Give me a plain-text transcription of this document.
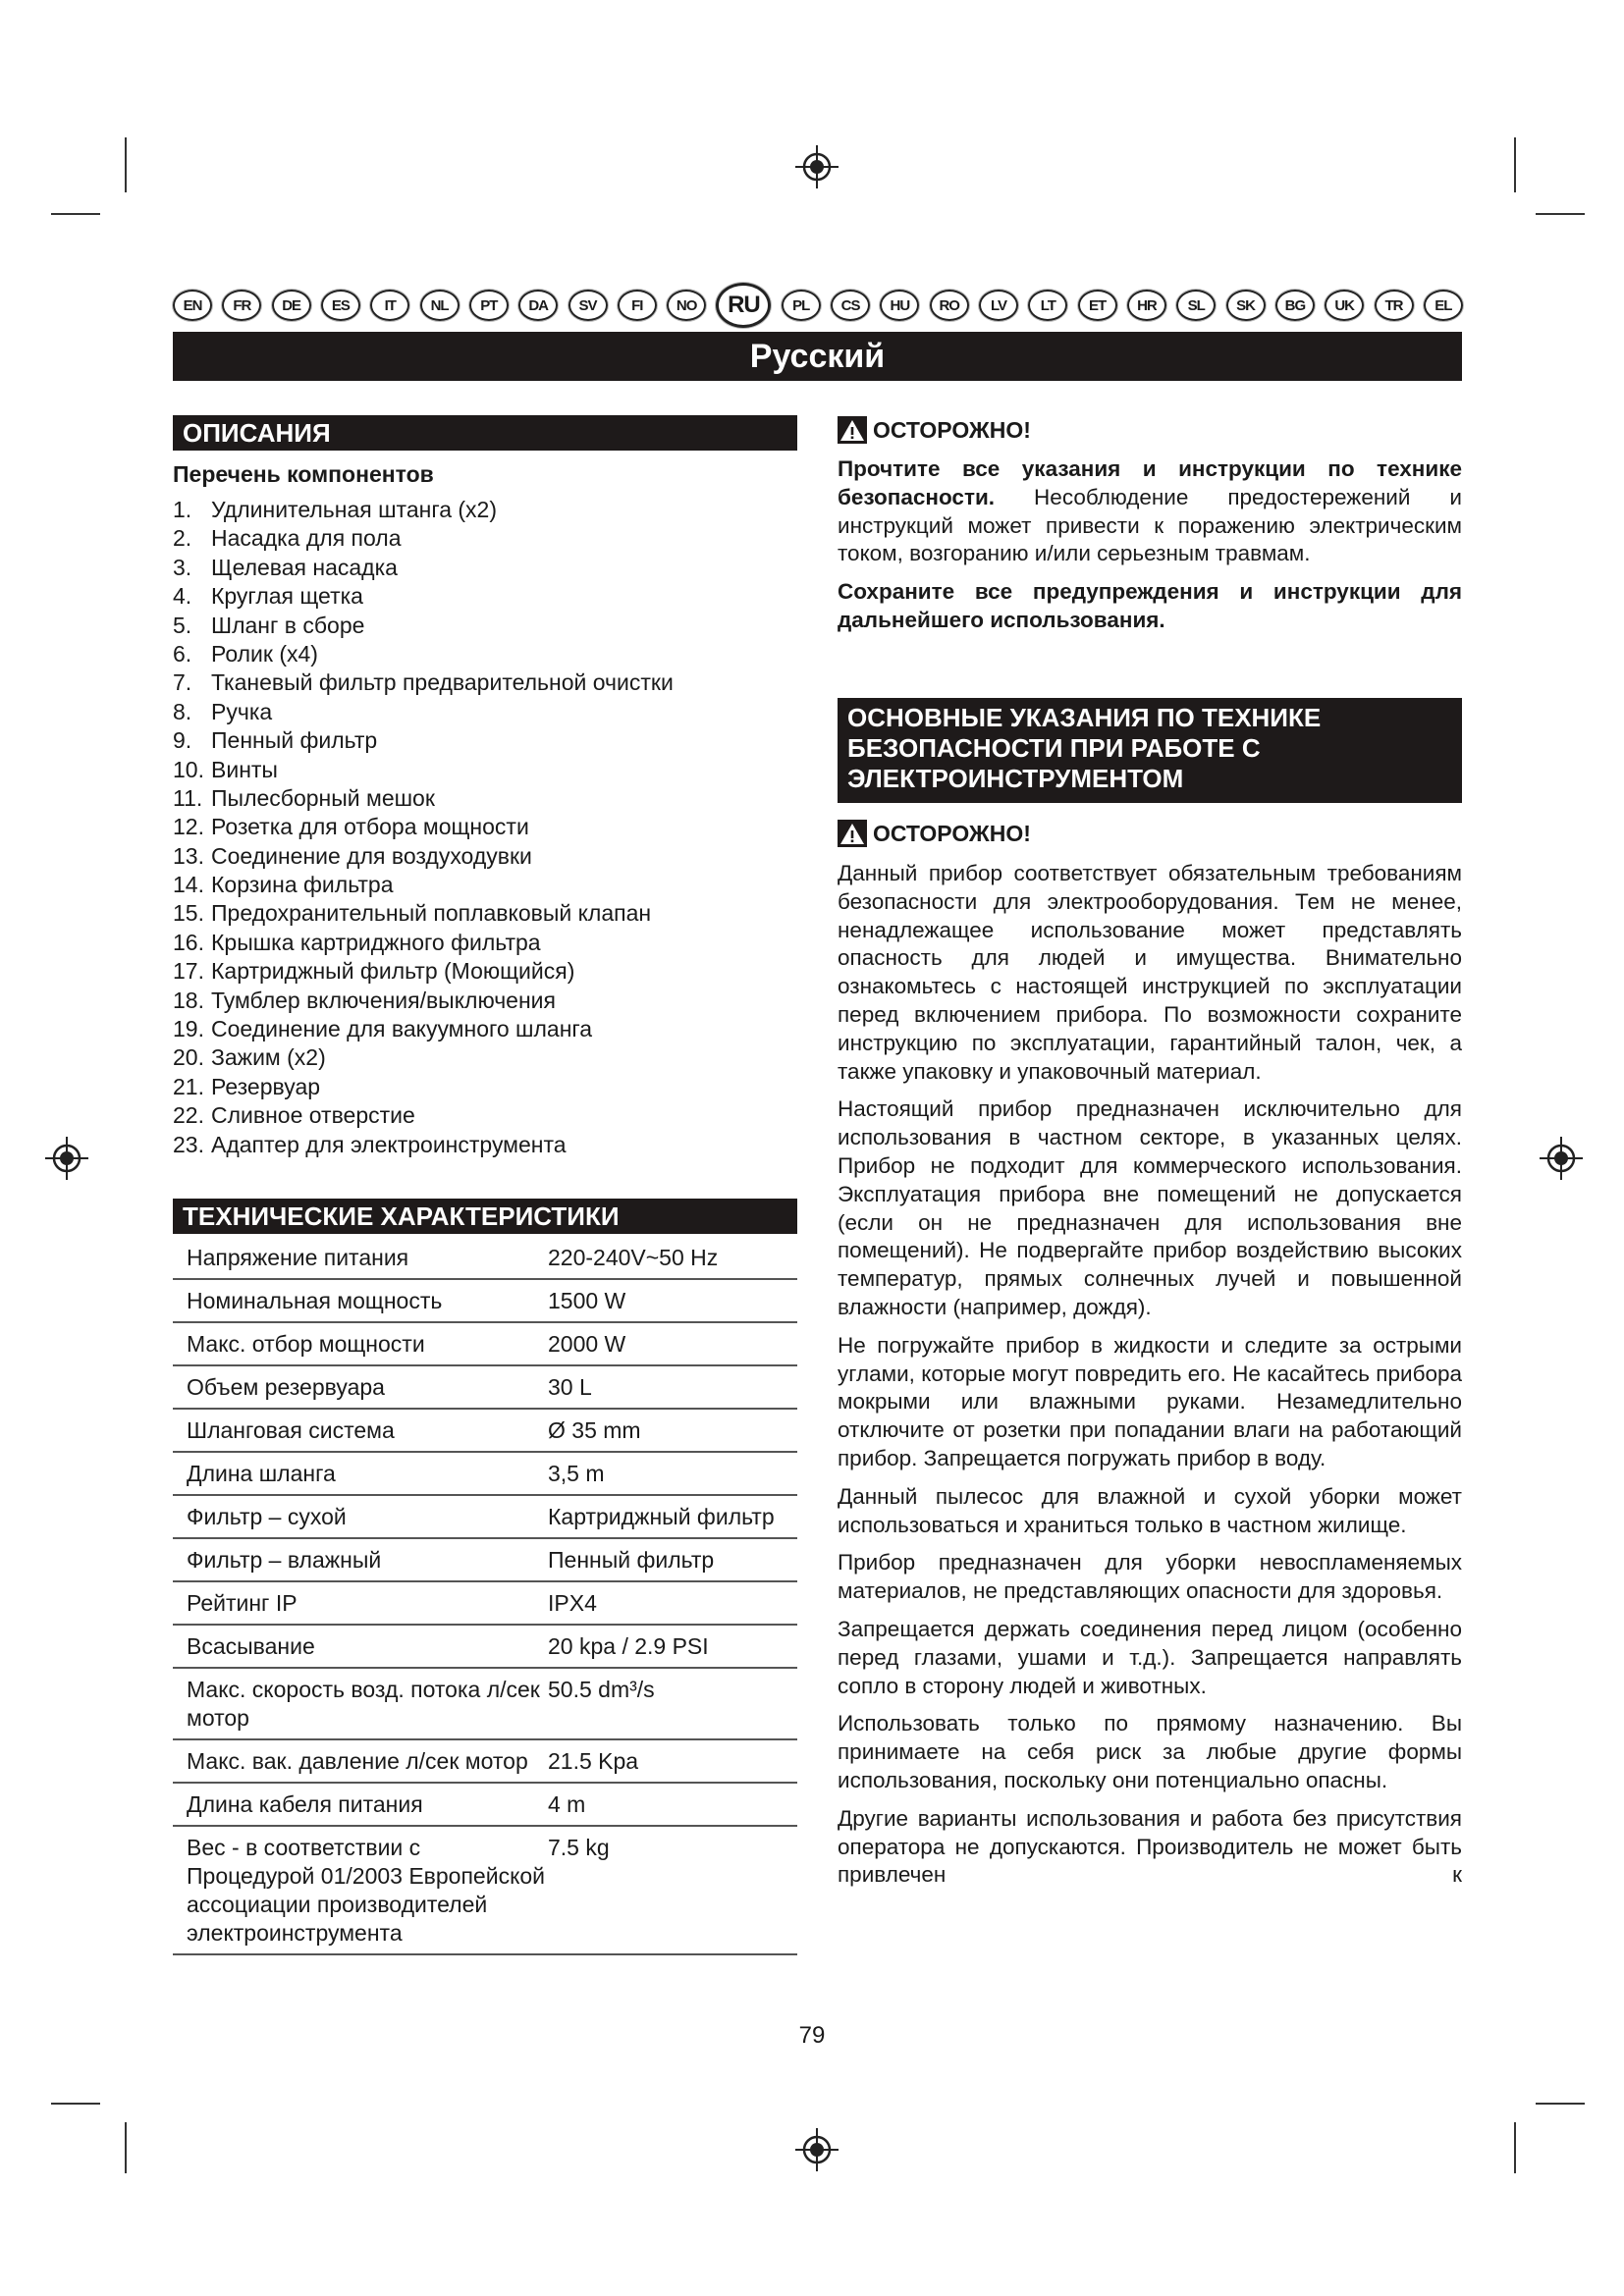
EN	FR	DE	ES	IT	NL	PT	DA	SV	FI	NO	RU	PL	CS	HU	RO	LV	LT	ET	HR	SL	SK	BG	UK	TR	EL
Русский
ОПИСАНИЯ
Перечень компонентов
1. Удлинительная штанга (x2)
2. Насадка для пола
3. Щелевая насадка
4. Круглая щетка
5. Шланг в сборе
6. Ролик (x4)
7. Тканевый фильтр предварительной очистки
8. Ручка
9. Пенный фильтр
10. Винты
11. Пылесборный мешок
12. Розетка для отбора мощности
13. Соединение для воздуходувки
14. Корзина фильтра
15. Предохранительный поплавковый клапан
16. Крышка картриджного фильтра
17. Картриджный фильтр (Моющийся)
18. Тумблер включения/выключения
19. Соединение для вакуумного шланга
20. Зажим (x2)
21. Резервуар
22. Сливное отверстие
23. Адаптер для электроинструмента
ТЕХНИЧЕСКИЕ ХАРАКТЕРИСТИКИ
Напряжение питания	220-240V~50 Hz
Номинальная мощность	1500 W
Макс. отбор мощности	2000 W
Объем резервуара	30 L
Шланговая система	Ø 35 mm
Длина шланга	3,5 m
Фильтр – сухой	Картриджный фильтр
Фильтр – влажный	Пенный фильтр
Рейтинг IP	IPX4
Всасывание	20 kpa / 2.9 PSI
Макс. скорость возд. потока л/сек мотор	50.5 dm³/s
Макс. вак. давление л/сек мотор	21.5 Kpa
Длина кабеля питания	4 m
Вес - в соответствии с Процедурой 01/2003 Европейской ассоциации производителей электроинструмента	7.5 kg
ОСТОРОЖНО!

Прочтите все указания и инструкции по технике безопасности. Несоблюдение предостережений и инструкций может привести к поражению электрическим током, возгоранию и/или серьезным травмам.

Сохраните все предупреждения и инструкции для дальнейшего использования.

ОСНОВНЫЕ УКАЗАНИЯ ПО ТЕХНИКЕ БЕЗОПАСНОСТИ ПРИ РАБОТЕ С ЭЛЕКТРОИНСТРУМЕНТОМ
ОСТОРОЖНО!

Данный прибор соответствует обязательным требованиям безопасности для электрооборудования. Тем не менее, ненадлежащее использование может представлять опасность для людей и имущества. Внимательно ознакомьтесь с настоящей инструкцией по эксплуатации перед включением прибора. По возможности сохраните инструкцию по эксплуатации, гарантийный талон, чек, а также упаковку и упаковочный материал.

Настоящий прибор предназначен исключительно для использования в частном секторе, в указанных целях. Прибор не подходит для коммерческого использования. Эксплуатация прибора вне помещений не допускается (если он не предназначен для использования вне помещений). Не подвергайте прибор воздействию высоких температур, прямых солнечных лучей и повышенной влажности (например, дождя).

Не погружайте прибор в жидкости и следите за острыми углами, которые могут повредить его. Не касайтесь прибора мокрыми или влажными руками. Незамедлительно отключите от розетки при попадании влаги на работающий прибор. Запрещается погружать прибор в воду.

Данный пылесос для влажной и сухой уборки может использоваться и храниться только в частном жилище.

Прибор предназначен для уборки невоспламеняемых материалов, не представляющих опасности для здоровья.

Запрещается держать соединения перед лицом (особенно перед глазами, ушами и т.д.). Запрещается направлять сопло в сторону людей и животных.

Использовать только по прямому назначению. Вы принимаете на себя риск за любые другие формы использования, поскольку они потенциально опасны.

Другие варианты использования и работа без присутствия оператора не допускаются. Производитель не может быть привлечен к

79
